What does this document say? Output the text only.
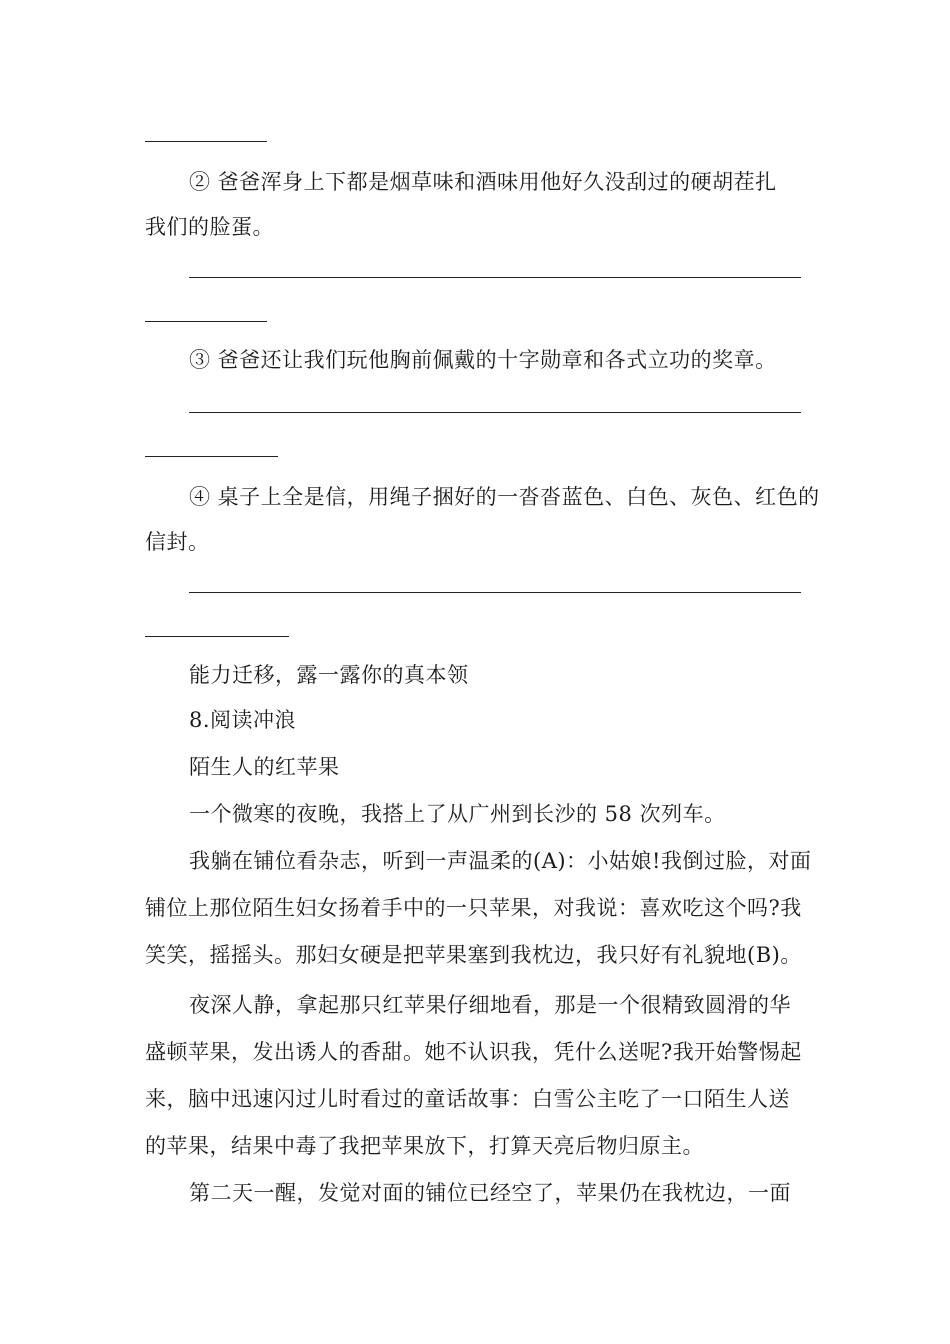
② 爸爸浑身上下都是烟草味和酒味用他好久没刮过的硬胡茬扎
我们的脸蛋。
③ 爸爸还让我们玩他胸前佩戴的十字勋章和各式立功的奖章。
④ 桌子上全是信，用绳子捆好的一沓沓蓝色、白色、灰色、红色的
信封。
能力迁移，露一露你的真本领
8.阅读冲浪
陌生人的红苹果
一个微寒的夜晚，我搭上了从广州到长沙的 58 次列车。
我躺在铺位看杂志，听到一声温柔的(A)：小姑娘!我倒过脸，对面
铺位上那位陌生妇女扬着手中的一只苹果，对我说：喜欢吃这个吗?我
笑笑，摇摇头。那妇女硬是把苹果塞到我枕边，我只好有礼貌地(B)。
夜深人静，拿起那只红苹果仔细地看，那是一个很精致圆滑的华
盛顿苹果，发出诱人的香甜。她不认识我，凭什么送呢?我开始警惕起
来，脑中迅速闪过儿时看过的童话故事：白雪公主吃了一口陌生人送
的苹果，结果中毒了我把苹果放下，打算天亮后物归原主。
第二天一醒，发觉对面的铺位已经空了，苹果仍在我枕边，一面
